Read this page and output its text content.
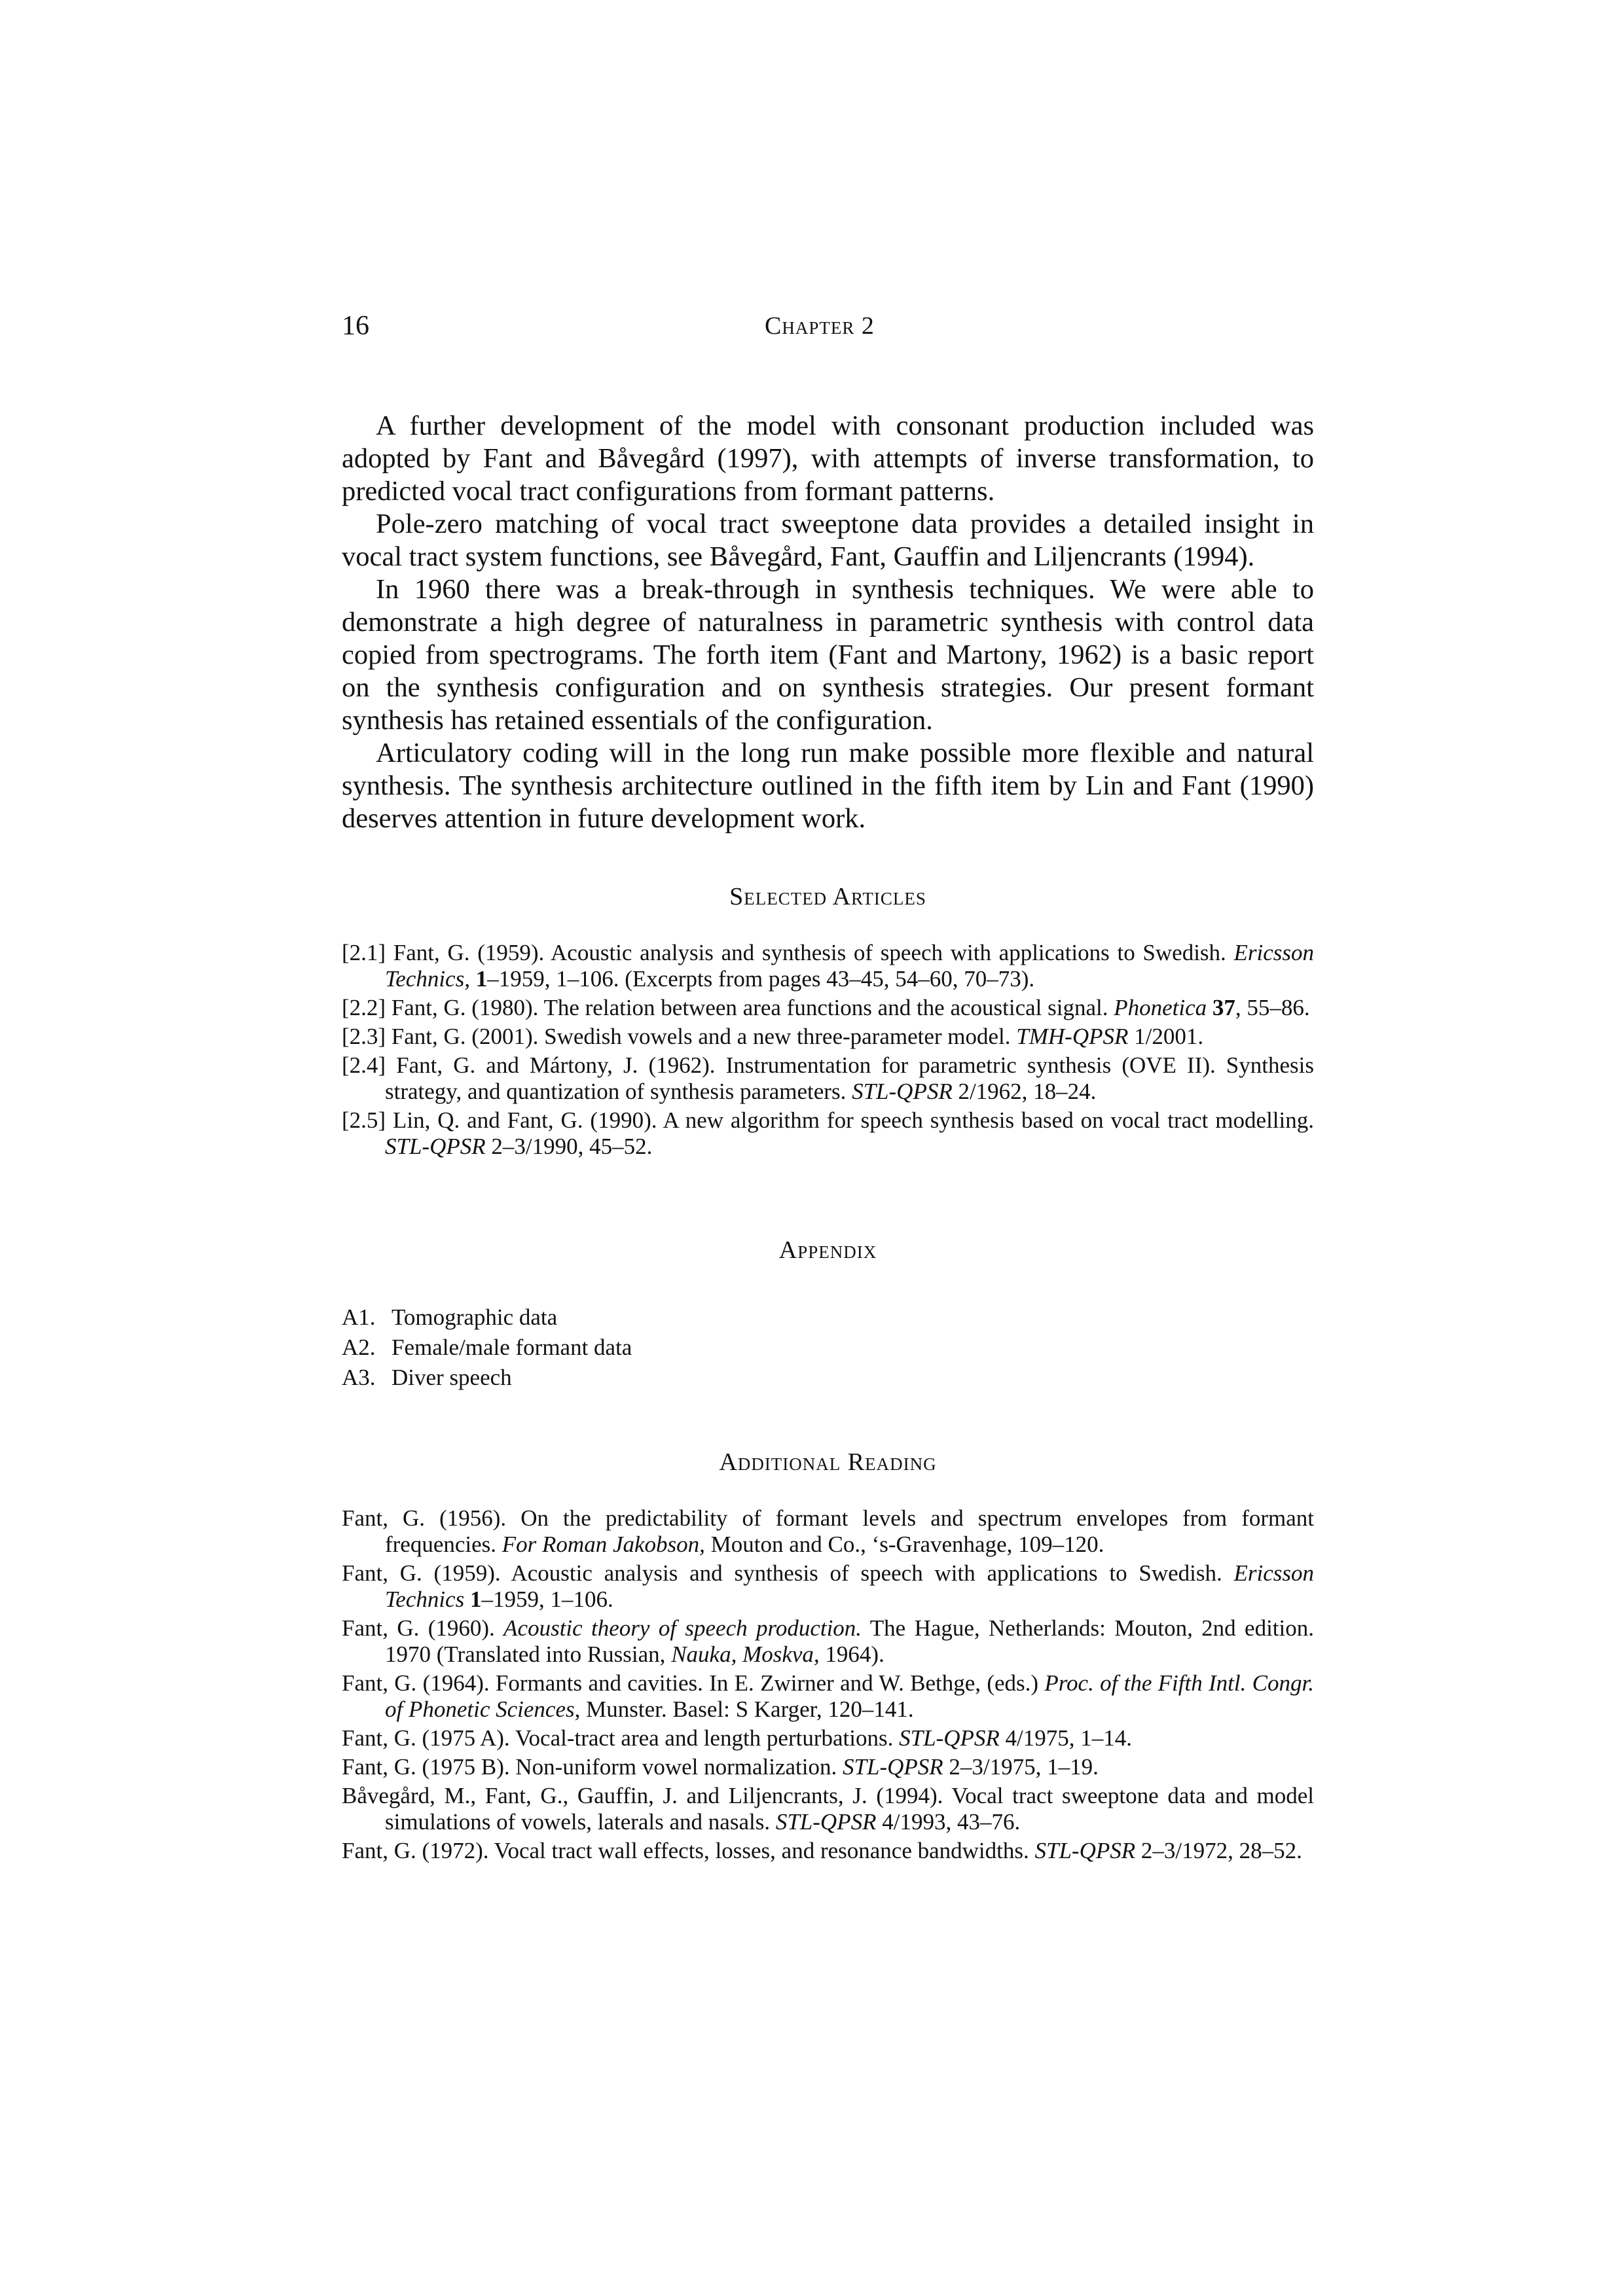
16	Chapter 2

A further development of the model with consonant production included was adopted by Fant and Båvegård (1997), with attempts of inverse transformation, to predicted vocal tract configurations from formant patterns.

Pole-zero matching of vocal tract sweeptone data provides a detailed insight in vocal tract system functions, see Båvegård, Fant, Gauffin and Liljencrants (1994).

In 1960 there was a break-through in synthesis techniques. We were able to demonstrate a high degree of naturalness in parametric synthesis with control data copied from spectrograms. The forth item (Fant and Martony, 1962) is a basic report on the synthesis configuration and on synthesis strategies. Our present formant synthesis has retained essentials of the configuration.

Articulatory coding will in the long run make possible more flexible and natural synthesis. The synthesis architecture outlined in the fifth item by Lin and Fant (1990) deserves attention in future development work.

Selected Articles
[2.1] Fant, G. (1959). Acoustic analysis and synthesis of speech with applications to Swedish. Ericsson Technics, 1–1959, 1–106. (Excerpts from pages 43–45, 54–60, 70–73).
[2.2] Fant, G. (1980). The relation between area functions and the acoustical signal. Phonetica 37, 55–86.
[2.3] Fant, G. (2001). Swedish vowels and a new three-parameter model. TMH-QPSR 1/2001.
[2.4] Fant, G. and Mártony, J. (1962). Instrumentation for parametric synthesis (OVE II). Synthesis strategy, and quantization of synthesis parameters. STL-QPSR 2/1962, 18–24.
[2.5] Lin, Q. and Fant, G. (1990). A new algorithm for speech synthesis based on vocal tract modelling. STL-QPSR 2–3/1990, 45–52.
Appendix
A1. Tomographic data
A2. Female/male formant data
A3. Diver speech
Additional Reading
Fant, G. (1956). On the predictability of formant levels and spectrum envelopes from formant frequencies. For Roman Jakobson, Mouton and Co., ‘s-Gravenhage, 109–120.
Fant, G. (1959). Acoustic analysis and synthesis of speech with applications to Swedish. Ericsson Technics 1–1959, 1–106.
Fant, G. (1960). Acoustic theory of speech production. The Hague, Netherlands: Mouton, 2nd edition. 1970 (Translated into Russian, Nauka, Moskva, 1964).
Fant, G. (1964). Formants and cavities. In E. Zwirner and W. Bethge, (eds.) Proc. of the Fifth Intl. Congr. of Phonetic Sciences, Munster. Basel: S Karger, 120–141.
Fant, G. (1975 A). Vocal-tract area and length perturbations. STL-QPSR 4/1975, 1–14.
Fant, G. (1975 B). Non-uniform vowel normalization. STL-QPSR 2–3/1975, 1–19.
Båvegård, M., Fant, G., Gauffin, J. and Liljencrants, J. (1994). Vocal tract sweeptone data and model simulations of vowels, laterals and nasals. STL-QPSR 4/1993, 43–76.
Fant, G. (1972). Vocal tract wall effects, losses, and resonance bandwidths. STL-QPSR 2–3/1972, 28–52.
